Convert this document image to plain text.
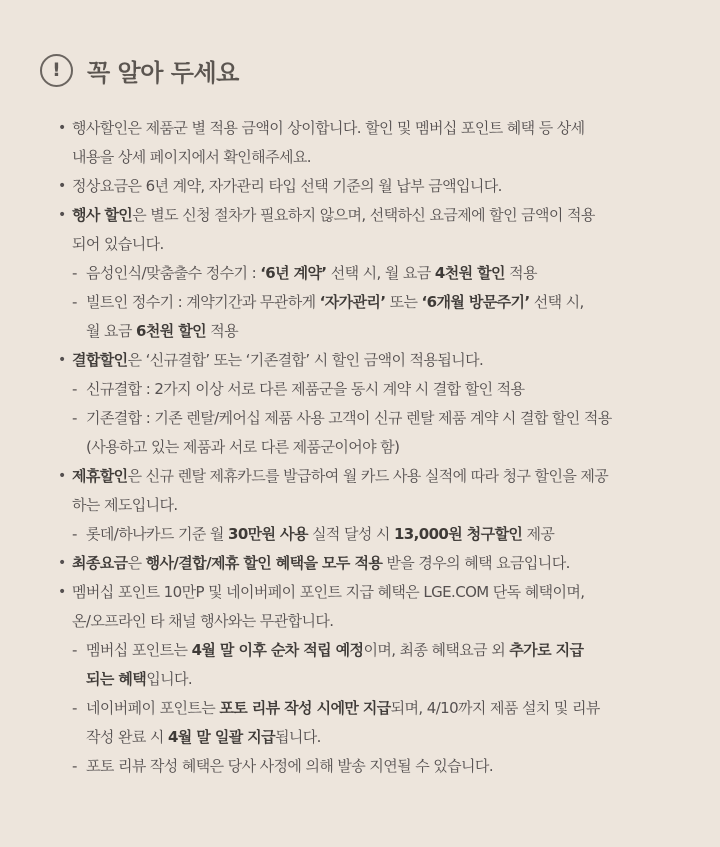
!	꼭 알아 두세요
• 행사할인은 제품군 별 적용 금액이 상이합니다. 할인 및 멤버십 포인트 혜택 등 상세
내용을 상세 페이지에서 확인해주세요.
• 정상요금은 6년 계약, 자가관리 타입 선택 기준의 월 납부 금액입니다.
• 행사 할인은 별도 신청 절차가 필요하지 않으며, 선택하신 요금제에 할인 금액이 적용
되어 있습니다.
- 음성인식/맞춤출수 정수기 : ‘6년 계약’ 선택 시, 월 요금 4천원 할인 적용
- 빌트인 정수기 : 계약기간과 무관하게 ‘자가관리’ 또는 ‘6개월 방문주기’ 선택 시,
월 요금 6천원 할인 적용
• 결합할인은 ‘신규결합’ 또는 ‘기존결합’ 시 할인 금액이 적용됩니다.
- 신규결합 : 2가지 이상 서로 다른 제품군을 동시 계약 시 결합 할인 적용
- 기존결합 : 기존 렌탈/케어십 제품 사용 고객이 신규 렌탈 제품 계약 시 결합 할인 적용
(사용하고 있는 제품과 서로 다른 제품군이어야 함)
• 제휴할인은 신규 렌탈 제휴카드를 발급하여 월 카드 사용 실적에 따라 청구 할인을 제공
하는 제도입니다.
- 롯데/하나카드 기준 월 30만원 사용 실적 달성 시 13,000원 청구할인 제공
• 최종요금은 행사/결합/제휴 할인 혜택을 모두 적용 받을 경우의 혜택 요금입니다.
• 멤버십 포인트 10만P 및 네이버페이 포인트 지급 혜택은 LGE.COM 단독 혜택이며,
온/오프라인 타 채널 행사와는 무관합니다.
- 멤버십 포인트는 4월 말 이후 순차 적립 예정이며, 최종 혜택요금 외 추가로 지급
되는 혜택입니다.
- 네이버페이 포인트는 포토 리뷰 작성 시에만 지급되며, 4/10까지 제품 설치 및 리뷰
작성 완료 시 4월 말 일괄 지급됩니다.
- 포토 리뷰 작성 혜택은 당사 사정에 의해 발송 지연될 수 있습니다.
